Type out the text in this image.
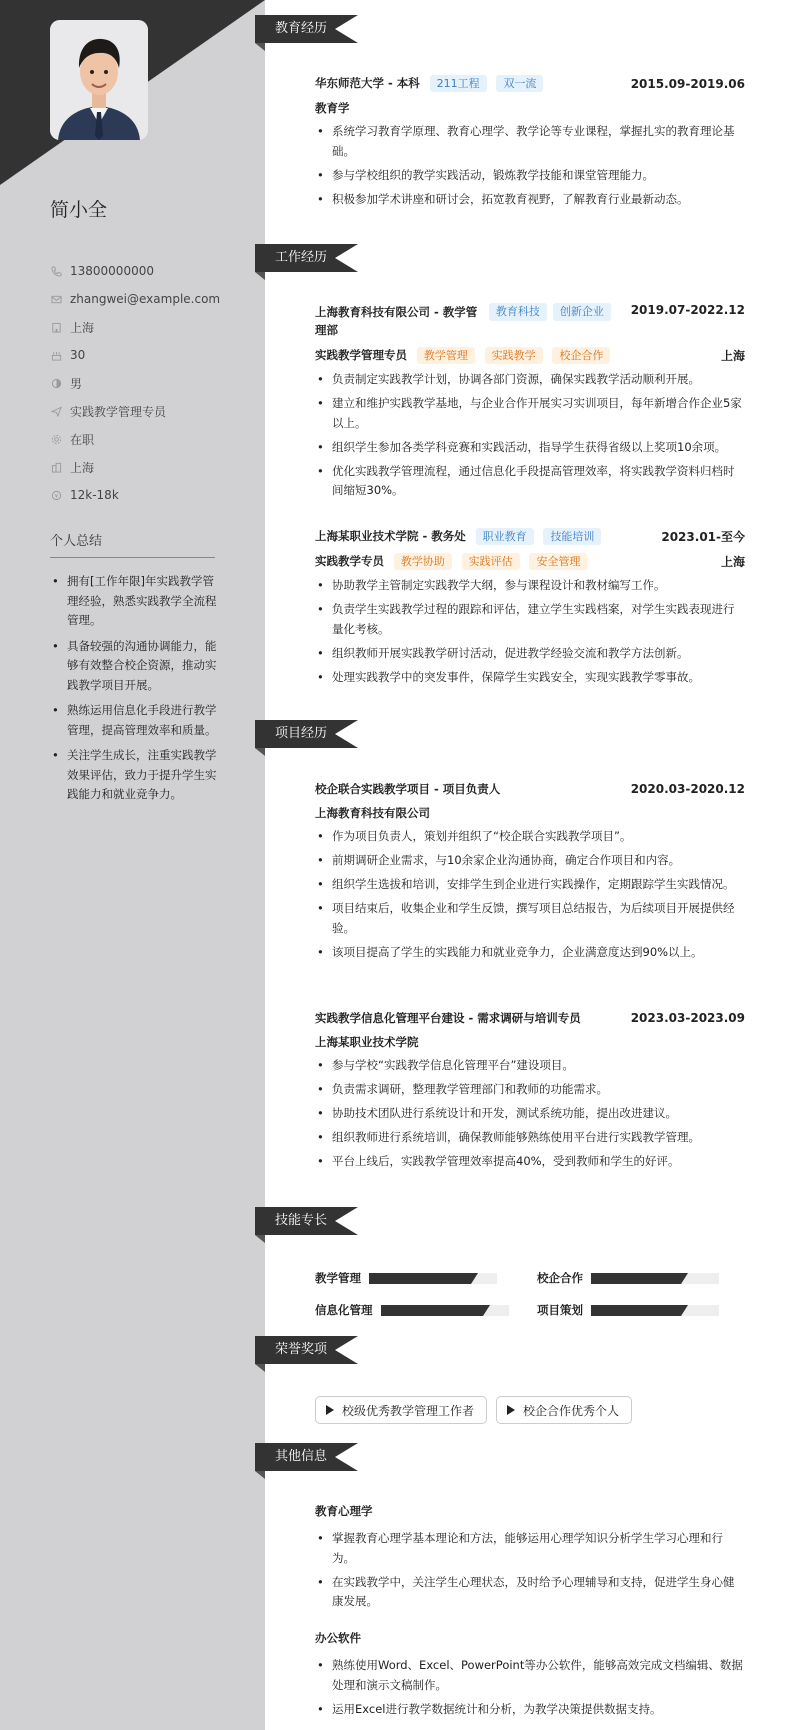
简小全
13800000000
zhangwei@example.com
上海
30
男
实践教学管理专员
在职
上海
¥ 12k-18k
个人总结
• 拥有[工作年限]年实践教学管理经验，熟悉实践教学全流程管理。
• 具备较强的沟通协调能力，能够有效整合校企资源，推动实践教学项目开展。
• 熟练运用信息化手段进行教学管理，提高管理效率和质量。
• 关注学生成长，注重实践教学效果评估，致力于提升学生实践能力和就业竞争力。
教育经历
华东师范大学 - 本科 211工程 双一流	2015.09-2019.06
教育学
• 系统学习教育学原理、教育心理学、教学论等专业课程，掌握扎实的教育理论基础。
• 参与学校组织的教学实践活动，锻炼教学技能和课堂管理能力。
• 积极参加学术讲座和研讨会，拓宽教育视野，了解教育行业最新动态。
工作经历
上海教育科技有限公司 - 教学管理部
教育科技	创新企业	2019.07-2022.12
实践教学管理专员 教学管理 实践教学 校企合作	上海
• 负责制定实践教学计划，协调各部门资源，确保实践教学活动顺利开展。
• 建立和维护实践教学基地，与企业合作开展实习实训项目，每年新增合作企业5家以上。
• 组织学生参加各类学科竞赛和实践活动，指导学生获得省级以上奖项10余项。
• 优化实践教学管理流程，通过信息化手段提高管理效率，将实践教学资料归档时间缩短30%。
上海某职业技术学院 - 教务处 职业教育 技能培训	2023.01-至今
实践教学专员 教学协助 实践评估 安全管理	上海
• 协助教学主管制定实践教学大纲，参与课程设计和教材编写工作。
• 负责学生实践教学过程的跟踪和评估，建立学生实践档案，对学生实践表现进行量化考核。
• 组织教师开展实践教学研讨活动，促进教学经验交流和教学方法创新。
• 处理实践教学中的突发事件，保障学生实践安全，实现实践教学零事故。
项目经历
校企联合实践教学项目 - 项目负责人	2020.03-2020.12
上海教育科技有限公司
• 作为项目负责人，策划并组织了“校企联合实践教学项目”。
• 前期调研企业需求，与10余家企业沟通协商，确定合作项目和内容。
• 组织学生选拔和培训，安排学生到企业进行实践操作，定期跟踪学生实践情况。
• 项目结束后，收集企业和学生反馈，撰写项目总结报告，为后续项目开展提供经验。
• 该项目提高了学生的实践能力和就业竞争力，企业满意度达到90%以上。
实践教学信息化管理平台建设 - 需求调研与培训专员	2023.03-2023.09
上海某职业技术学院
• 参与学校“实践教学信息化管理平台”建设项目。
• 负责需求调研，整理教学管理部门和教师的功能需求。
• 协助技术团队进行系统设计和开发，测试系统功能，提出改进建议。
• 组织教师进行系统培训，确保教师能够熟练使用平台进行实践教学管理。
• 平台上线后，实践教学管理效率提高40%，受到教师和学生的好评。
技能专长
教学管理	校企合作
信息化管理	项目策划
荣誉奖项
校级优秀教学管理工作者	校企合作优秀个人
其他信息
教育心理学
• 掌握教育心理学基本理论和方法，能够运用心理学知识分析学生学习心理和行为。
• 在实践教学中，关注学生心理状态，及时给予心理辅导和支持，促进学生身心健康发展。
办公软件
• 熟练使用Word、Excel、PowerPoint等办公软件，能够高效完成文档编辑、数据处理和演示文稿制作。
• 运用Excel进行教学数据统计和分析，为教学决策提供数据支持。
